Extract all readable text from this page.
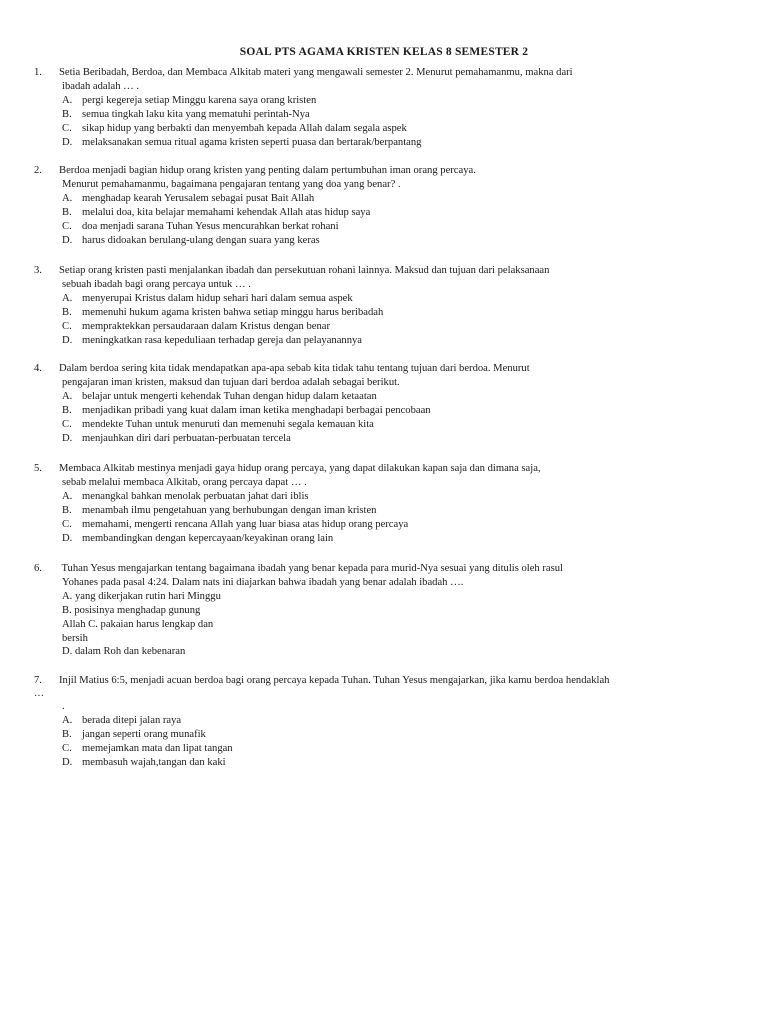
SOAL PTS AGAMA KRISTEN KELAS 8 SEMESTER 2
1. Setia Beribadah, Berdoa, dan Membaca Alkitab materi yang mengawali semester 2. Menurut pemahamanmu, makna dari
ibadah adalah … .
A. pergi kegereja setiap Minggu karena saya orang kristen
B. semua tingkah laku kita yang mematuhi perintah-Nya
C. sikap hidup yang berbakti dan menyembah kepada Allah dalam segala aspek
D. melaksanakan semua ritual agama kristen seperti puasa dan bertarak/berpantang
2. Berdoa menjadi bagian hidup orang kristen yang penting dalam pertumbuhan iman orang percaya.
Menurut pemahamanmu, bagaimana pengajaran tentang yang doa yang benar? .
A. menghadap kearah Yerusalem sebagai pusat Bait Allah
B. melalui doa, kita belajar memahami kehendak Allah atas hidup saya
C. doa menjadi sarana Tuhan Yesus mencurahkan berkat rohani
D. harus didoakan berulang-ulang dengan suara yang keras
3. Setiap orang kristen pasti menjalankan ibadah dan persekutuan rohani lainnya. Maksud dan tujuan dari pelaksanaan
sebuah ibadah bagi orang percaya untuk … .
A. menyerupai Kristus dalam hidup sehari hari dalam semua aspek
B. memenuhi hukum agama kristen bahwa setiap minggu harus beribadah
C. mempraktekkan persaudaraan dalam Kristus dengan benar
D. meningkatkan rasa kepeduliaan terhadap gereja dan pelayanannya
4. Dalam berdoa sering kita tidak mendapatkan apa-apa sebab kita tidak tahu tentang tujuan dari berdoa. Menurut
pengajaran iman kristen, maksud dan tujuan dari berdoa adalah sebagai berikut.
A. belajar untuk mengerti kehendak Tuhan dengan hidup dalam ketaatan
B. menjadikan pribadi yang kuat dalam iman ketika menghadapi berbagai pencobaan
C. mendekte Tuhan untuk menuruti dan memenuhi segala kemauan kita
D. menjauhkan diri dari perbuatan-perbuatan tercela
5. Membaca Alkitab mestinya menjadi gaya hidup orang percaya, yang dapat dilakukan kapan saja dan dimana saja,
sebab melalui membaca Alkitab, orang percaya dapat … .
A. menangkal bahkan menolak perbuatan jahat dari iblis
B. menambah ilmu pengetahuan yang berhubungan dengan iman kristen
C. memahami, mengerti rencana Allah yang luar biasa atas hidup orang percaya
D. membandingkan dengan kepercayaan/keyakinan orang lain
6. Tuhan Yesus mengajarkan tentang bagaimana ibadah yang benar kepada para murid-Nya sesuai yang ditulis oleh rasul
Yohanes pada pasal 4:24. Dalam nats ini diajarkan bahwa ibadah yang benar adalah ibadah ….
A. yang dikerjakan rutin hari Minggu
B. posisinya menghadap gunung
Allah C. pakaian harus lengkap dan
bersih
D. dalam Roh dan kebenaran
7. Injil Matius 6:5, menjadi acuan berdoa bagi orang percaya kepada Tuhan. Tuhan Yesus mengajarkan, jika kamu berdoa hendaklah
…
.
A. berada ditepi jalan raya
B. jangan seperti orang munafik
C. memejamkan mata dan lipat tangan
D. membasuh wajah,tangan dan kaki
